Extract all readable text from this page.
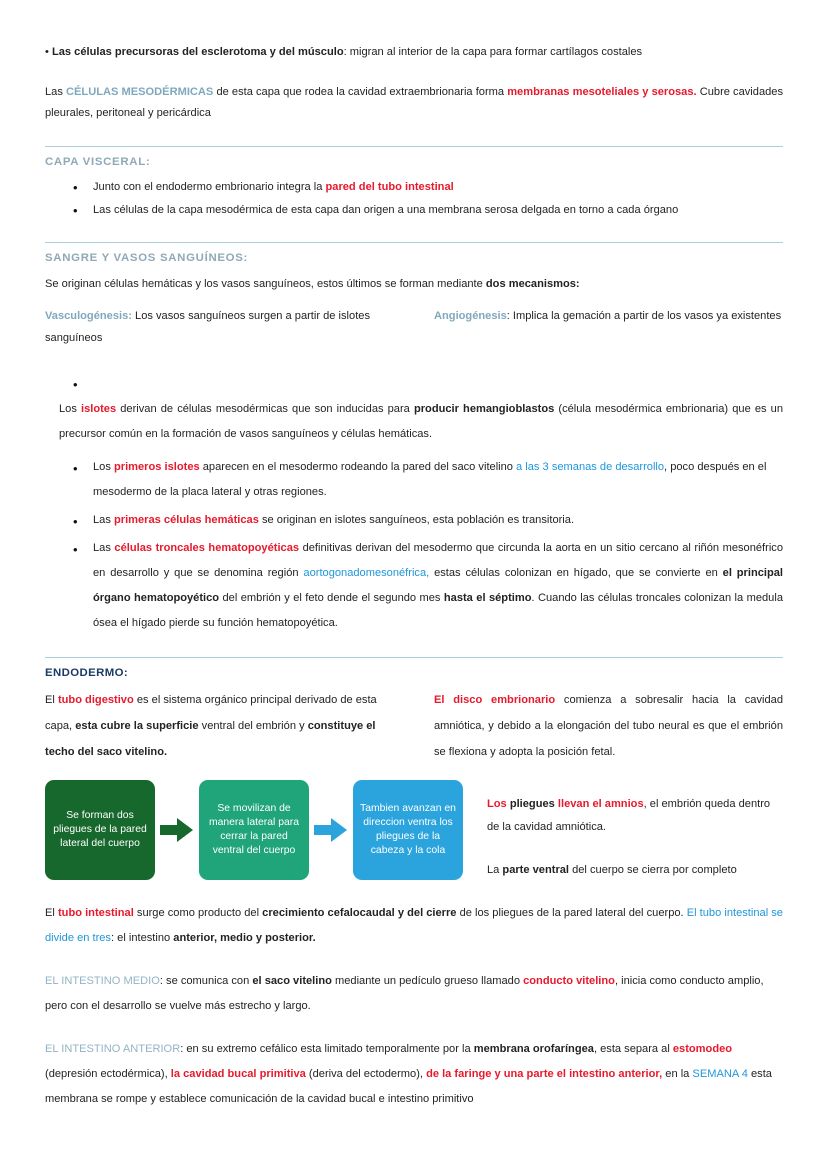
• Las células precursoras del esclerotoma y del músculo: migran al interior de la capa para formar cartílagos costales

Las CÉLULAS MESODÉRMICAS de esta capa que rodea la cavidad extraembrionaria forma membranas mesoteliales y serosas. Cubre cavidades pleurales, peritoneal y pericárdica

CAPA VISCERAL:
• Junto con el endodermo embrionario integra la pared del tubo intestinal
• Las células de la capa mesodérmica de esta capa dan origen a una membrana serosa delgada en torno a cada órgano
SANGRE Y VASOS SANGUÍNEOS:

Se originan células hemáticas y los vasos sanguíneos, estos últimos se forman mediante dos mecanismos:

Vasculogénesis: Los vasos sanguíneos surgen a partir de islotes sanguíneos
Angiogénesis: Implica la gemación a partir de los vasos ya existentes
•

Los islotes derivan de células mesodérmicas que son inducidas para producir hemangioblastos (célula mesodérmica embrionaria) que es un precursor común en la formación de vasos sanguíneos y células hemáticas.

• Los primeros islotes aparecen en el mesodermo rodeando la pared del saco vitelino a las 3 semanas de desarrollo, poco después en el mesodermo de la placa lateral y otras regiones.
• Las primeras células hemáticas se originan en islotes sanguíneos, esta población es transitoria.
• Las células troncales hematopoyéticas definitivas derivan del mesodermo que circunda la aorta en un sitio cercano al riñón mesonéfrico en desarrollo y que se denomina región aortogonadomesonéfrica, estas células colonizan en hígado, que se convierte en el principal órgano hematopoyético del embrión y el feto dende el segundo mes hasta el séptimo. Cuando las células troncales colonizan la medula ósea el hígado pierde su función hematopoyética.
ENDODERMO:
El tubo digestivo es el sistema orgánico principal derivado de esta capa, esta cubre la superficie ventral del embrión y constituye el techo del saco vitelino.
El disco embrionario comienza a sobresalir hacia la cavidad amniótica, y debido a la elongación del tubo neural es que el embrión se flexiona y adopta la posición fetal.
Se forman dos pliegues de la pared lateral del cuerpo
Se movilizan de manera lateral para cerrar la pared ventral del cuerpo
Tambien avanzan en direccion ventra los pliegues de la cabeza y la cola

Los pliegues llevan el amnios, el embrión queda dentro de la cavidad amniótica.

La parte ventral del cuerpo se cierra por completo

El tubo intestinal surge como producto del crecimiento cefalocaudal y del cierre de los pliegues de la pared lateral del cuerpo. El tubo intestinal se divide en tres: el intestino anterior, medio y posterior.

EL INTESTINO MEDIO: se comunica con el saco vitelino mediante un pedículo grueso llamado conducto vitelino, inicia como conducto amplio, pero con el desarrollo se vuelve más estrecho y largo.

EL INTESTINO ANTERIOR: en su extremo cefálico esta limitado temporalmente por la membrana orofaríngea, esta separa al estomodeo (depresión ectodérmica), la cavidad bucal primitiva (deriva del ectodermo), de la faringe y una parte el intestino anterior, en la SEMANA 4 esta membrana se rompe y establece comunicación de la cavidad bucal e intestino primitivo
